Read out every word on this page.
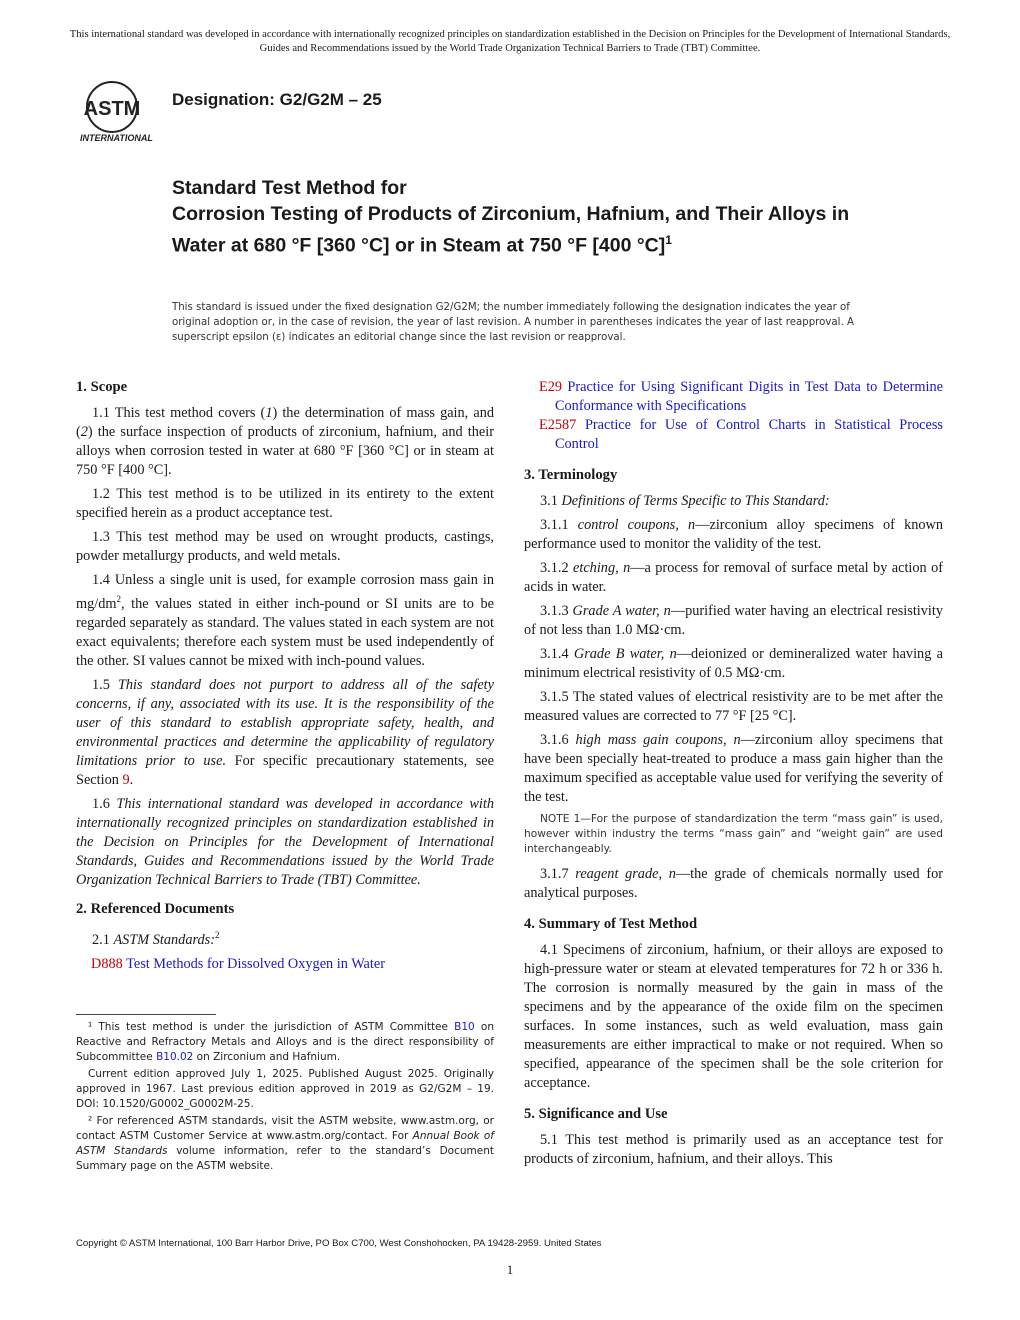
This international standard was developed in accordance with internationally recognized principles on standardization established in the Decision on Principles for the Development of International Standards, Guides and Recommendations issued by the World Trade Organization Technical Barriers to Trade (TBT) Committee.
ASTM
INTERNATIONAL
Designation: G2/G2M – 25
Standard Test Method for
Corrosion Testing of Products of Zirconium, Hafnium, and Their Alloys in Water at 680 °F [360 °C] or in Steam at 750 °F [400 °C]$^1$
This standard is issued under the fixed designation G2/G2M; the number immediately following the designation indicates the year of original adoption or, in the case of revision, the year of last revision. A number in parentheses indicates the year of last reapproval. A superscript epsilon (ε) indicates an editorial change since the last revision or reapproval.
1. Scope

1.1 This test method covers (1) the determination of mass gain, and (2) the surface inspection of products of zirconium, hafnium, and their alloys when corrosion tested in water at 680 °F [360 °C] or in steam at 750 °F [400 °C].

1.2 This test method is to be utilized in its entirety to the extent specified herein as a product acceptance test.

1.3 This test method may be used on wrought products, castings, powder metallurgy products, and weld metals.

1.4 Unless a single unit is used, for example corrosion mass gain in $mg/dm^2$, the values stated in either inch-pound or SI units are to be regarded separately as standard. The values stated in each system are not exact equivalents; therefore each system must be used independently of the other. SI values cannot be mixed with inch-pound values.

1.5 This standard does not purport to address all of the safety concerns, if any, associated with its use. It is the responsibility of the user of this standard to establish appropriate safety, health, and environmental practices and determine the applicability of regulatory limitations prior to use. For specific precautionary statements, see Section 9.

1.6 This international standard was developed in accordance with internationally recognized principles on standardization established in the Decision on Principles for the Development of International Standards, Guides and Recommendations issued by the World Trade Organization Technical Barriers to Trade (TBT) Committee.

2. Referenced Documents

2.1 ASTM Standards:$^2$

D888 Test Methods for Dissolved Oxygen in Water

¹ This test method is under the jurisdiction of ASTM Committee B10 on Reactive and Refractory Metals and Alloys and is the direct responsibility of Subcommittee B10.02 on Zirconium and Hafnium.

Current edition approved July 1, 2025. Published August 2025. Originally approved in 1967. Last previous edition approved in 2019 as G2/G2M – 19. DOI: 10.1520/G0002_G0002M-25.

² For referenced ASTM standards, visit the ASTM website, www.astm.org, or contact ASTM Customer Service at www.astm.org/contact. For Annual Book of ASTM Standards volume information, refer to the standard’s Document Summary page on the ASTM website.

E29 Practice for Using Significant Digits in Test Data to Determine Conformance with Specifications
E2587 Practice for Use of Control Charts in Statistical Process Control
3. Terminology

3.1 Definitions of Terms Specific to This Standard:

3.1.1 control coupons, n—zirconium alloy specimens of known performance used to monitor the validity of the test.

3.1.2 etching, n—a process for removal of surface metal by action of acids in water.

3.1.3 Grade A water, n—purified water having an electrical resistivity of not less than 1.0 MΩ·cm.

3.1.4 Grade B water, n—deionized or demineralized water having a minimum electrical resistivity of 0.5 MΩ·cm.

3.1.5 The stated values of electrical resistivity are to be met after the measured values are corrected to 77 °F [25 °C].

3.1.6 high mass gain coupons, n—zirconium alloy specimens that have been specially heat-treated to produce a mass gain higher than the maximum specified as acceptable value used for verifying the severity of the test.

NOTE 1—For the purpose of standardization the term “mass gain” is used, however within industry the terms “mass gain” and “weight gain” are used interchangeably.

3.1.7 reagent grade, n—the grade of chemicals normally used for analytical purposes.

4. Summary of Test Method

4.1 Specimens of zirconium, hafnium, or their alloys are exposed to high-pressure water or steam at elevated temperatures for 72 h or 336 h. The corrosion is normally measured by the gain in mass of the specimens and by the appearance of the oxide film on the specimen surfaces. In some instances, such as weld evaluation, mass gain measurements are either impractical to make or not required. When so specified, appearance of the specimen shall be the sole criterion for acceptance.

5. Significance and Use

5.1 This test method is primarily used as an acceptance test for products of zirconium, hafnium, and their alloys. This

Copyright © ASTM International, 100 Barr Harbor Drive, PO Box C700, West Conshohocken, PA 19428-2959. United States
1
